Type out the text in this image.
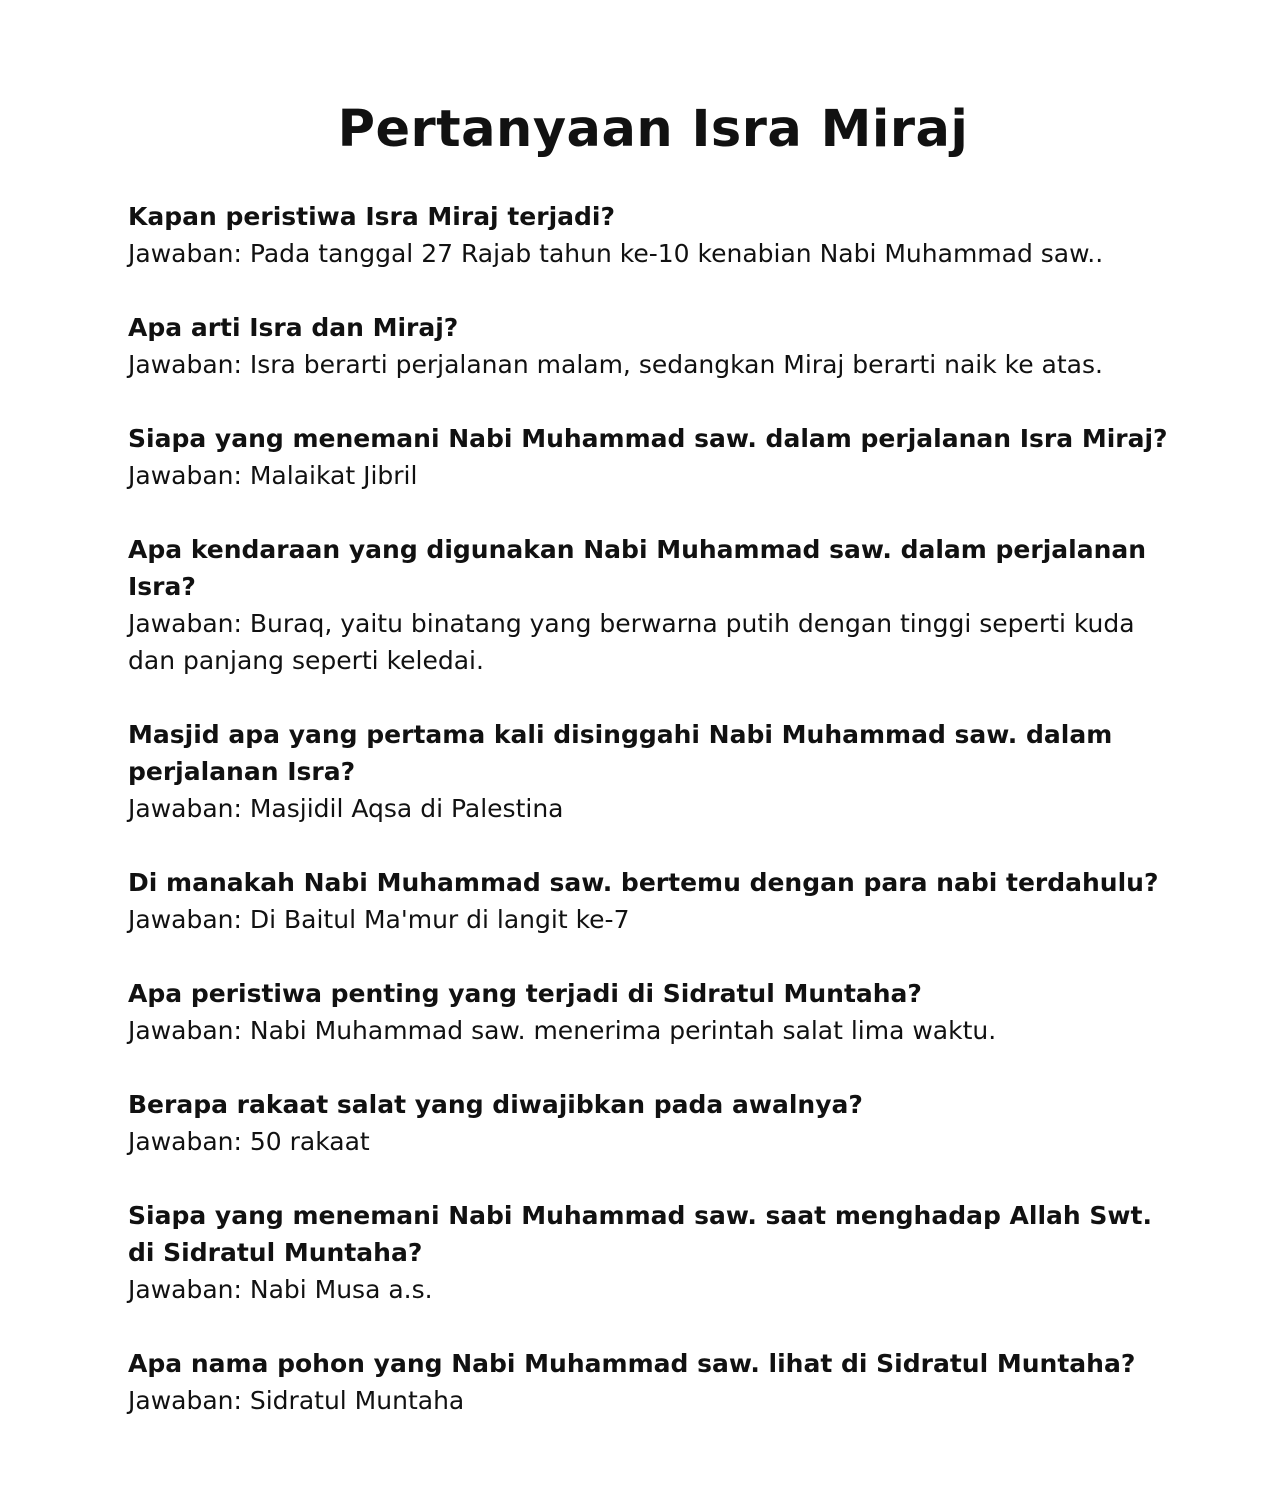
Pertanyaan Isra Miraj

Kapan peristiwa Isra Miraj terjadi?

Jawaban: Pada tanggal 27 Rajab tahun ke-10 kenabian Nabi Muhammad saw..

Apa arti Isra dan Miraj?

Jawaban: Isra berarti perjalanan malam, sedangkan Miraj berarti naik ke atas.

Siapa yang menemani Nabi Muhammad saw. dalam perjalanan Isra Miraj?

Jawaban: Malaikat Jibril

Apa kendaraan yang digunakan Nabi Muhammad saw. dalam perjalanan Isra?

Jawaban: Buraq, yaitu binatang yang berwarna putih dengan tinggi seperti kuda dan panjang seperti keledai.

Masjid apa yang pertama kali disinggahi Nabi Muhammad saw. dalam perjalanan Isra?

Jawaban: Masjidil Aqsa di Palestina

Di manakah Nabi Muhammad saw. bertemu dengan para nabi terdahulu?

Jawaban: Di Baitul Ma'mur di langit ke-7

Apa peristiwa penting yang terjadi di Sidratul Muntaha?

Jawaban: Nabi Muhammad saw. menerima perintah salat lima waktu.

Berapa rakaat salat yang diwajibkan pada awalnya?

Jawaban: 50 rakaat

Siapa yang menemani Nabi Muhammad saw. saat menghadap Allah Swt. di Sidratul Muntaha?

Jawaban: Nabi Musa a.s.

Apa nama pohon yang Nabi Muhammad saw. lihat di Sidratul Muntaha?

Jawaban: Sidratul Muntaha
